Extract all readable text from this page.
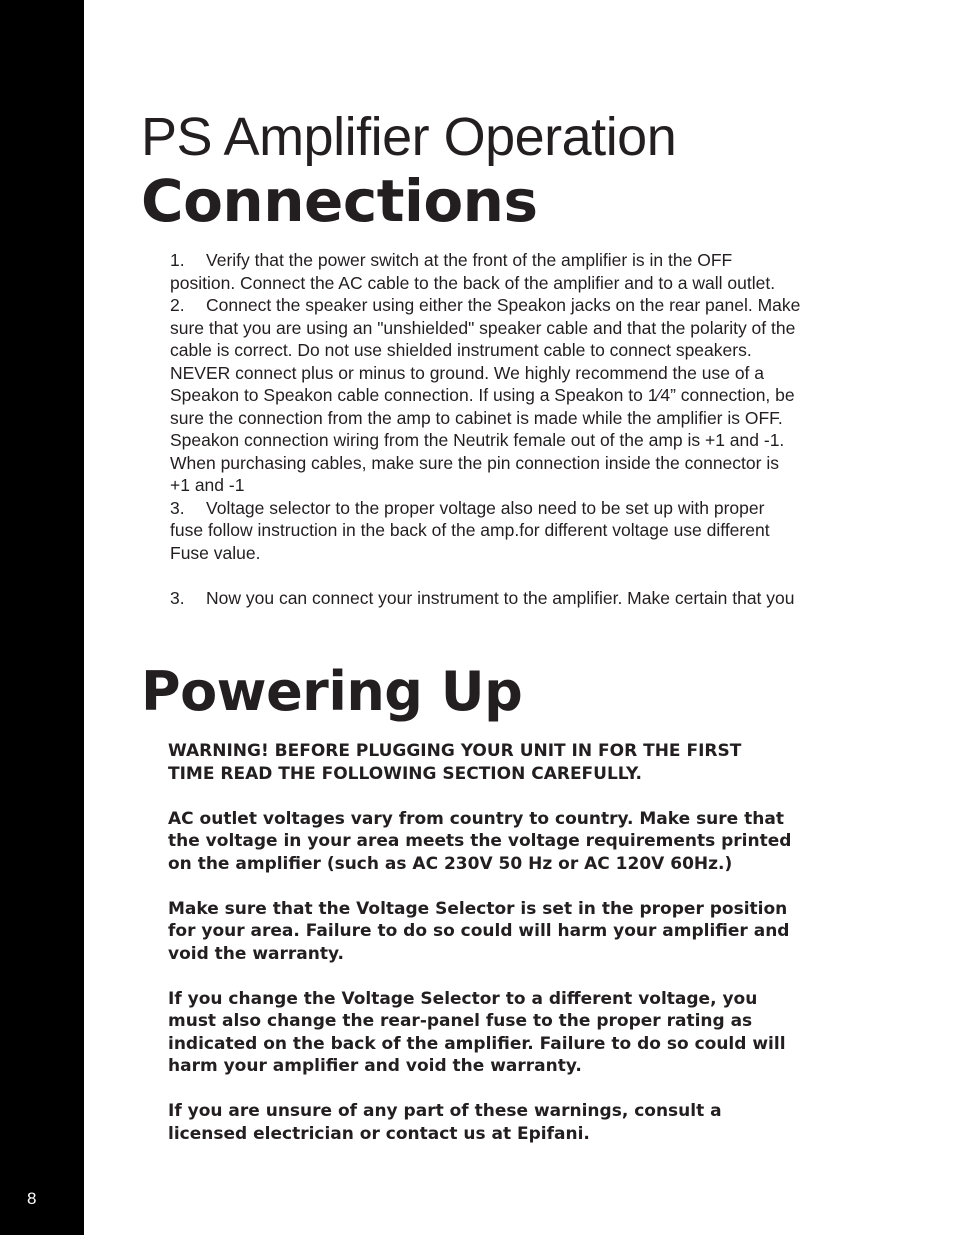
8
PS Amplifier Operation
Connections

1. Verify that the power switch at the front of the amplifier is in the OFF
position. Connect the AC cable to the back of the amplifier and to a wall outlet.

2. Connect the speaker using either the Speakon jacks on the rear panel. Make
sure that you are using an "unshielded" speaker cable and that the polarity of the
cable is correct. Do not use shielded instrument cable to connect speakers.
NEVER connect plus or minus to ground. We highly recommend the use of a
Speakon to Speakon cable connection. If using a Speakon to 1⁄4” connection, be
sure the connection from the amp to cabinet is made while the amplifier is OFF.
Speakon connection wiring from the Neutrik female out of the amp is +1 and -1.
When purchasing cables, make sure the pin connection inside the connector is
+1 and -1

3. Voltage selector to the proper voltage also need to be set up with proper
fuse follow instruction in the back of the amp.for different voltage use different
Fuse value.

3. Now you can connect your instrument to the amplifier. Make certain that you

Powering Up

WARNING! BEFORE PLUGGING YOUR UNIT IN FOR THE FIRST
TIME READ THE FOLLOWING SECTION CAREFULLY.

AC outlet voltages vary from country to country. Make sure that
the voltage in your area meets the voltage requirements printed
on the amplifier (such as AC 230V 50 Hz or AC 120V 60Hz.)

Make sure that the Voltage Selector is set in the proper position
for your area. Failure to do so could will harm your amplifier and
void the warranty.

If you change the Voltage Selector to a different voltage, you
must also change the rear-panel fuse to the proper rating as
indicated on the back of the amplifier. Failure to do so could will
harm your amplifier and void the warranty.

If you are unsure of any part of these warnings, consult a
licensed electrician or contact us at Epifani.
